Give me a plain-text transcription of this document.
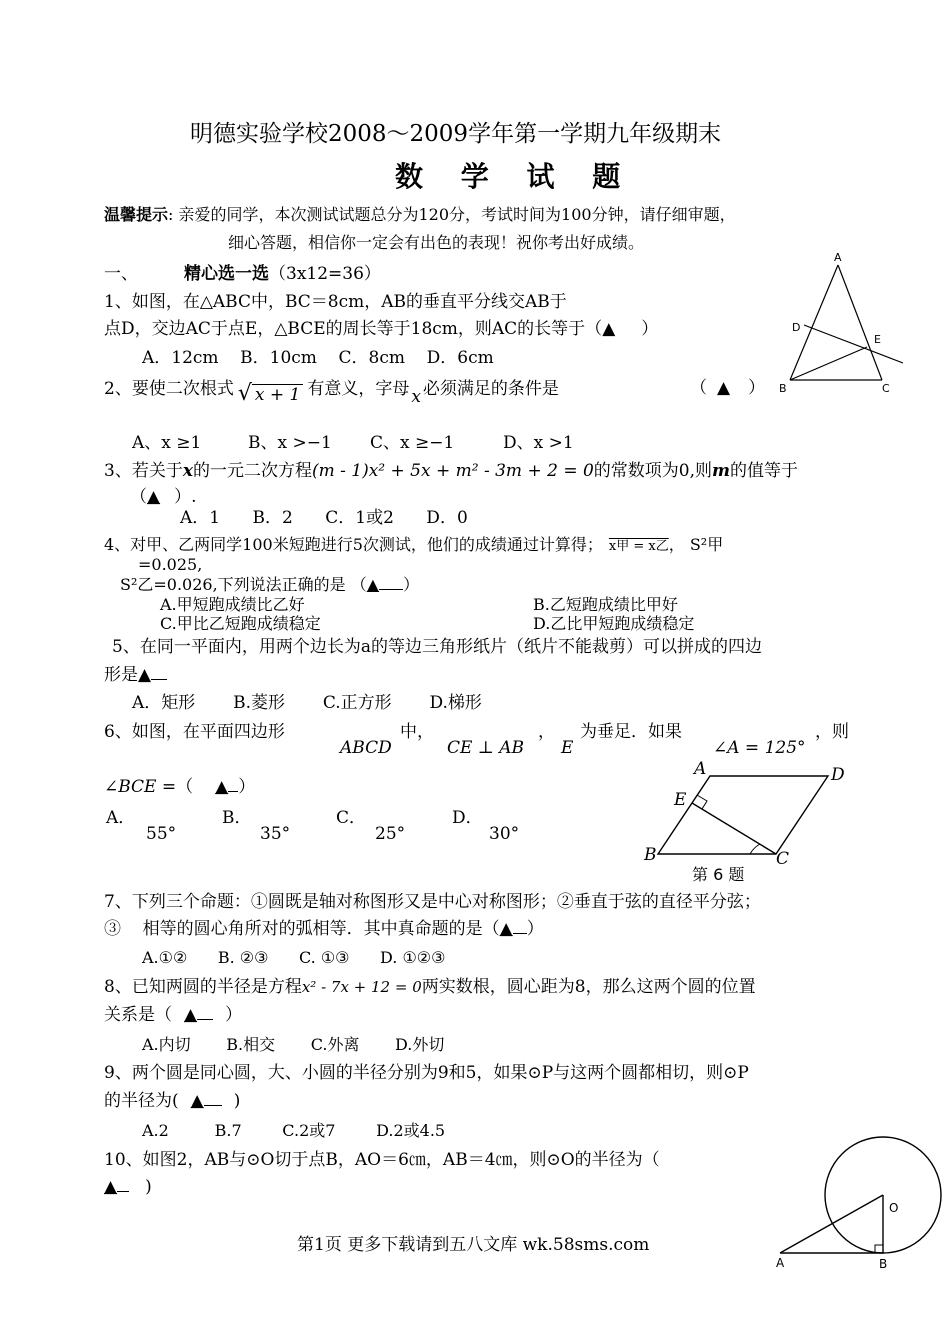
明德实验学校2008～2009学年第一学期九年级期末
数 学 试 题
温馨提示: 亲爱的同学，本次测试试题总分为120分，考试时间为100分钟，请仔细审题，
细心答题，相信你一定会有出色的表现！祝你考出好成绩。
一、	精心选一选（3x12=36）
1、如图，在△ABC中，BC＝8cm，AB的垂直平分线交AB于
点D，交边AC于点E，△BCE的周长等于18cm，则AC的长等于（▲ ）
A．12cm    B．10cm    C．8cm    D．6cm
2、要使二次根式 √ x + 1 有意义，字母 x 必须满足的条件是	（ ▲ ）
A、x ≥1	B、x >−1 C、x ≥−1	D、x >1
3、若关于x的一元二次方程(m - 1)x² + 5x + m² - 3m + 2 = 0的常数项为0,则m的值等于
（▲ ）.
A．1      B．2      C．1或2      D．0
4、对甲、乙两同学100米短跑进行5次测试，他们的成绩通过计算得； x甲 = x乙， S²甲
=0.025,
S²乙=0.026,下列说法正确的是 （▲ ）
A.甲短跑成绩比乙好	B.乙短跑成绩比甲好
C.甲比乙短跑成绩稳定	D.乙比甲短跑成绩稳定
5、在同一平面内，用两个边长为a的等边三角形纸片（纸片不能裁剪）可以拼成的四边
形是▲
A．矩形       B.菱形       C.正方形       D.梯形
6、如图，在平面四边形
ABCD
中，
CE ⊥ AB
，
E
为垂足．如果
∠A = 125°
，则
∠BCE =（ ▲ ）
A．	B．	C．	D．
55°	35°	25°	30°
7、下列三个命题：①圆既是轴对称图形又是中心对称图形；②垂直于弦的直径平分弦；
③    相等的圆心角所对的弧相等．其中真命题的是（▲ ）
A.①②      B. ②③      C. ①③      D. ①②③
8、已知两圆的半径是方程x² - 7x + 12 = 0两实数根，圆心距为8，那么这两个圆的位置
关系是（ ▲ ）
A.内切       B.相交       C.外离       D.外切
9、两个圆是同心圆，大、小圆的半径分别为9和5，如果⊙P与这两个圆都相切，则⊙P
的半径为( ▲ )
A.2         B.7        C.2或7        D.2或4.5
10、如图2，AB与⊙O切于点B，AO＝6㎝，AB＝4㎝，则⊙O的半径为（
▲ )
第1页 更多下载请到五八文库 wk.58sms.com
A
D
E
B	C
A	D
E
B	C
第 6 题
O
A	B
